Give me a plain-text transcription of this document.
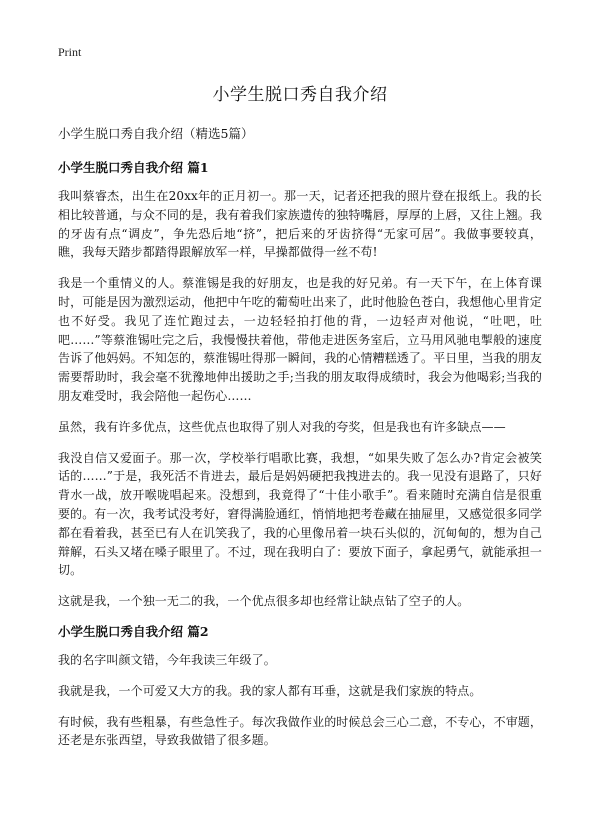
Print
小学生脱口秀自我介绍

小学生脱口秀自我介绍（精选5篇）

小学生脱口秀自我介绍 篇1

我叫蔡睿杰，出生在20xx年的正月初一。那一天，记者还把我的照片登在报纸上。我的长相比较普通，与众不同的是，我有着我们家族遗传的独特嘴唇，厚厚的上唇，又往上翘。我的牙齿有点“调皮”，争先恐后地“挤”，把后来的牙齿挤得“无家可居”。我做事要较真，瞧，我每天踏步都踏得跟解放军一样，早操都做得一丝不苟!

我是一个重情义的人。蔡淮锡是我的好朋友，也是我的好兄弟。有一天下午，在上体育课时，可能是因为激烈运动，他把中午吃的葡萄吐出来了，此时他脸色苍白，我想他心里肯定也不好受。我见了连忙跑过去，一边轻轻拍打他的背，一边轻声对他说，“吐吧，吐吧……”等蔡淮锡吐完之后，我慢慢扶着他，带他走进医务室后，立马用风驰电掣般的速度告诉了他妈妈。不知怎的，蔡淮锡吐得那一瞬间，我的心情糟糕透了。平日里，当我的朋友需要帮助时，我会毫不犹豫地伸出援助之手;当我的朋友取得成绩时，我会为他喝彩;当我的朋友难受时，我会陪他一起伤心……

虽然，我有许多优点，这些优点也取得了别人对我的夸奖，但是我也有许多缺点——

我没自信又爱面子。那一次，学校举行唱歌比赛，我想，“如果失败了怎么办?肯定会被笑话的……”于是，我死活不肯进去，最后是妈妈硬把我拽进去的。我一见没有退路了，只好背水一战，放开喉咙唱起来。没想到，我竟得了“十佳小歌手”。看来随时充满自信是很重要的。有一次，我考试没考好，窘得满脸通红，悄悄地把考卷藏在抽屉里，又感觉很多同学都在看着我，甚至已有人在讥笑我了，我的心里像吊着一块石头似的，沉甸甸的，想为自己辩解，石头又堵在嗓子眼里了。不过，现在我明白了：要放下面子，拿起勇气，就能承担一切。

这就是我，一个独一无二的我，一个优点很多却也经常让缺点钻了空子的人。

小学生脱口秀自我介绍 篇2

我的名字叫颜文错，今年我读三年级了。

我就是我，一个可爱又大方的我。我的家人都有耳垂，这就是我们家族的特点。

有时候，我有些粗暴，有些急性子。每次我做作业的时候总会三心二意，不专心，不审题，还老是东张西望，导致我做错了很多题。
